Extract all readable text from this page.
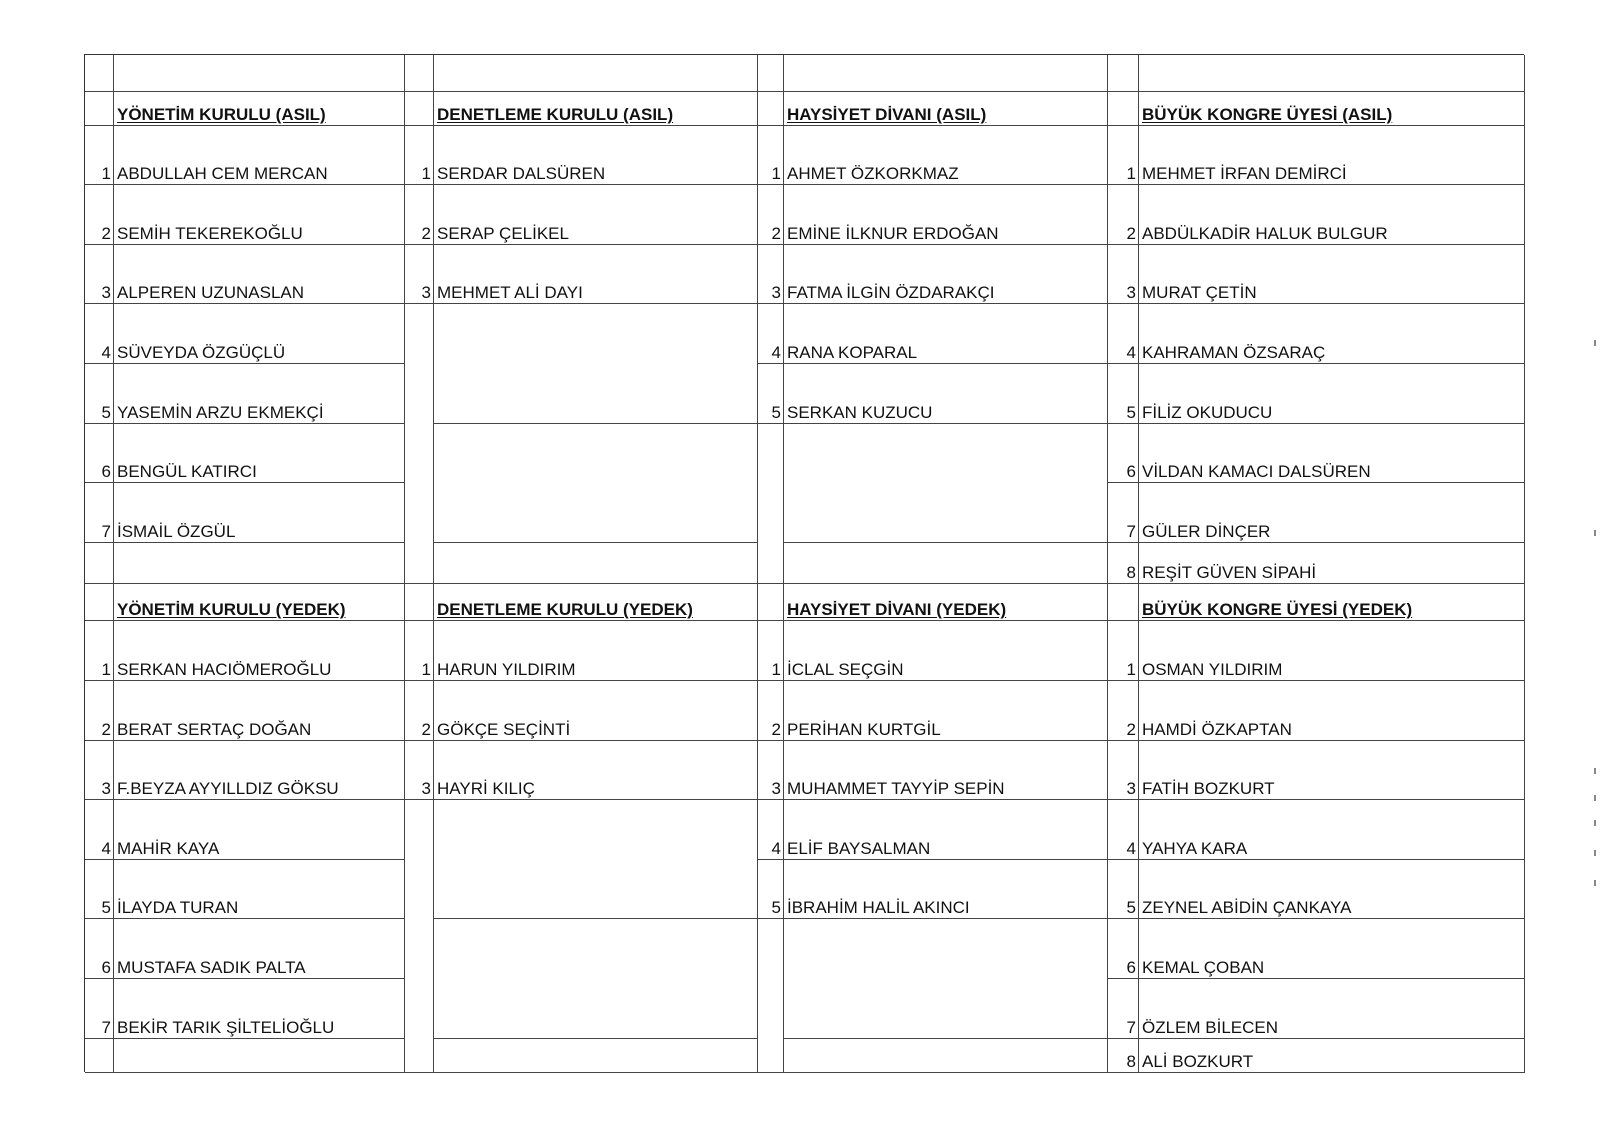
YÖNETİM KURULU (ASIL)
1 ABDULLAH CEM MERCAN
2 SEMİH TEKEREKOĞLU
3 ALPEREN UZUNASLAN
4 SÜVEYDA ÖZGÜÇLÜ
5 YASEMİN ARZU EKMEKÇİ
6 BENGÜL KATIRCI
7 İSMAİL ÖZGÜL
DENETLEME KURULU (ASIL)
1 SERDAR DALSÜREN
2 SERAP ÇELİKEL
3 MEHMET ALİ DAYI
HAYSİYET DİVANI (ASIL)
1 AHMET ÖZKORKMAZ
2 EMİNE İLKNUR ERDOĞAN
3 FATMA İLGİN ÖZDARAKÇI
4 RANA KOPARAL
5 SERKAN KUZUCU
BÜYÜK KONGRE ÜYESİ (ASIL)
1 MEHMET İRFAN DEMİRCİ
2 ABDÜLKADİR HALUK BULGUR
3 MURAT ÇETİN
4 KAHRAMAN ÖZSARAÇ
5 FİLİZ OKUDUCU
6 VİLDAN KAMACI DALSÜREN
7 GÜLER DİNÇER
8 REŞİT GÜVEN SİPAHİ
YÖNETİM KURULU (YEDEK)
1 SERKAN HACIÖMEROĞLU
2 BERAT SERTAÇ DOĞAN
3 F.BEYZA AYYILLDIZ GÖKSU
4 MAHİR KAYA
5 İLAYDA TURAN
6 MUSTAFA SADIK PALTA
7 BEKİR TARIK ŞİLTELİOĞLU
DENETLEME KURULU (YEDEK)
1 HARUN YILDIRIM
2 GÖKÇE SEÇİNTİ
3 HAYRİ KILIÇ
HAYSİYET DİVANI (YEDEK)
1 İCLAL SEÇGİN
2 PERİHAN KURTGİL
3 MUHAMMET TAYYİP SEPİN
4 ELİF BAYSALMAN
5 İBRAHİM HALİL AKINCI
BÜYÜK KONGRE ÜYESİ (YEDEK)
1 OSMAN YILDIRIM
2 HAMDİ ÖZKAPTAN
3 FATİH BOZKURT
4 YAHYA KARA
5 ZEYNEL ABİDİN ÇANKAYA
6 KEMAL ÇOBAN
7 ÖZLEM BİLECEN
8 ALİ BOZKURT
